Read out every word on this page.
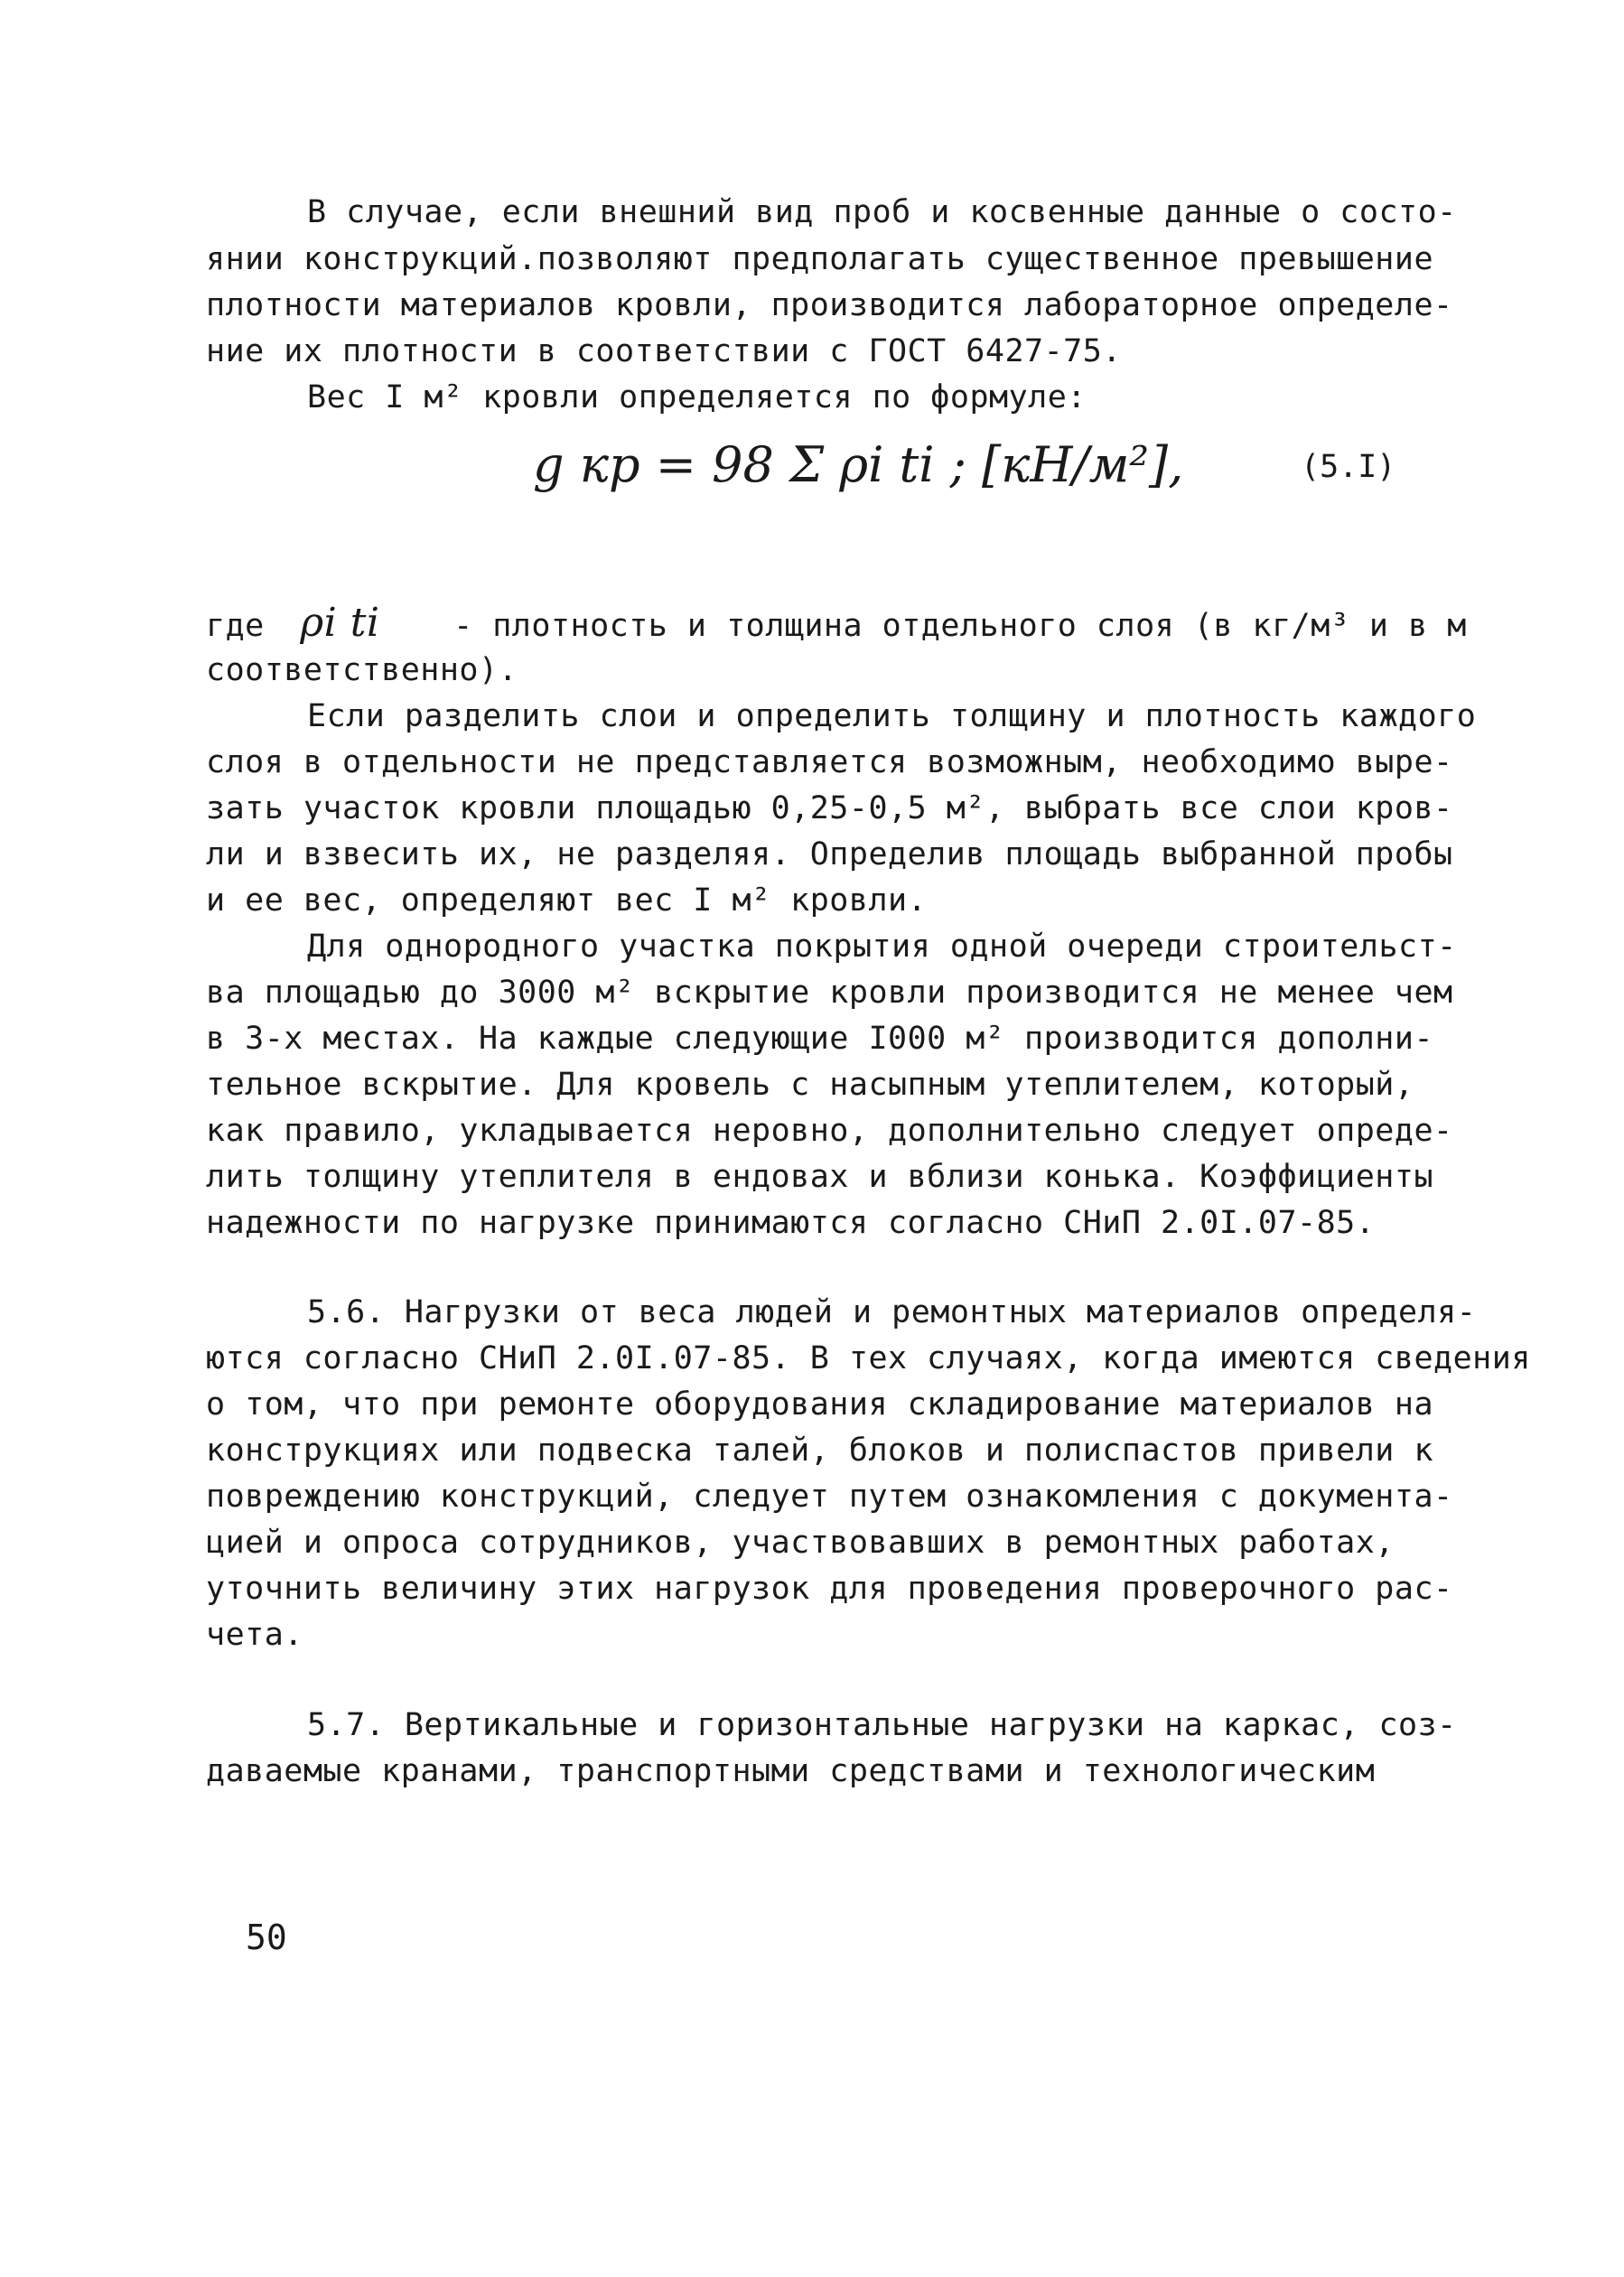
В случае, если внешний вид проб и косвенные данные о состо-
янии конструкций.позволяют предполагать существенное превышение
плотности материалов кровли, производится лабораторное определе-
ние их плотности в соответствии с ГОСТ 6427-75.
Вес I м² кровли определяется по формуле:
g кр = 98 Σ ρi ti ; [кН/м²],	(5.I)
где ρi ti - плотность и толщина отдельного слоя (в кг/м³ и в м
соответственно).
Если разделить слои и определить толщину и плотность каждого
слоя в отдельности не представляется возможным, необходимо выре-
зать участок кровли площадью 0,25-0,5 м², выбрать все слои кров-
ли и взвесить их, не разделяя. Определив площадь выбранной пробы
и ее вес, определяют вес I м² кровли.
Для однородного участка покрытия одной очереди строительст-
ва площадью до 3000 м² вскрытие кровли производится не менее чем
в 3-х местах. На каждые следующие I000 м² производится дополни-
тельное вскрытие. Для кровель с насыпным утеплителем, который,
как правило, укладывается неровно, дополнительно следует опреде-
лить толщину утеплителя в ендовах и вблизи конька. Коэффициенты
надежности по нагрузке принимаются согласно СНиП 2.0I.07-85.
5.6. Нагрузки от веса людей и ремонтных материалов определя-
ются согласно СНиП 2.0I.07-85. В тех случаях, когда имеются сведения
о том, что при ремонте оборудования складирование материалов на
конструкциях или подвеска талей, блоков и полиспастов привели к
повреждению конструкций, следует путем ознакомления с документа-
цией и опроса сотрудников, участвовавших в ремонтных работах,
уточнить величину этих нагрузок для проведения проверочного рас-
чета.
5.7. Вертикальные и горизонтальные нагрузки на каркас, соз-
даваемые кранами, транспортными средствами и технологическим
50
